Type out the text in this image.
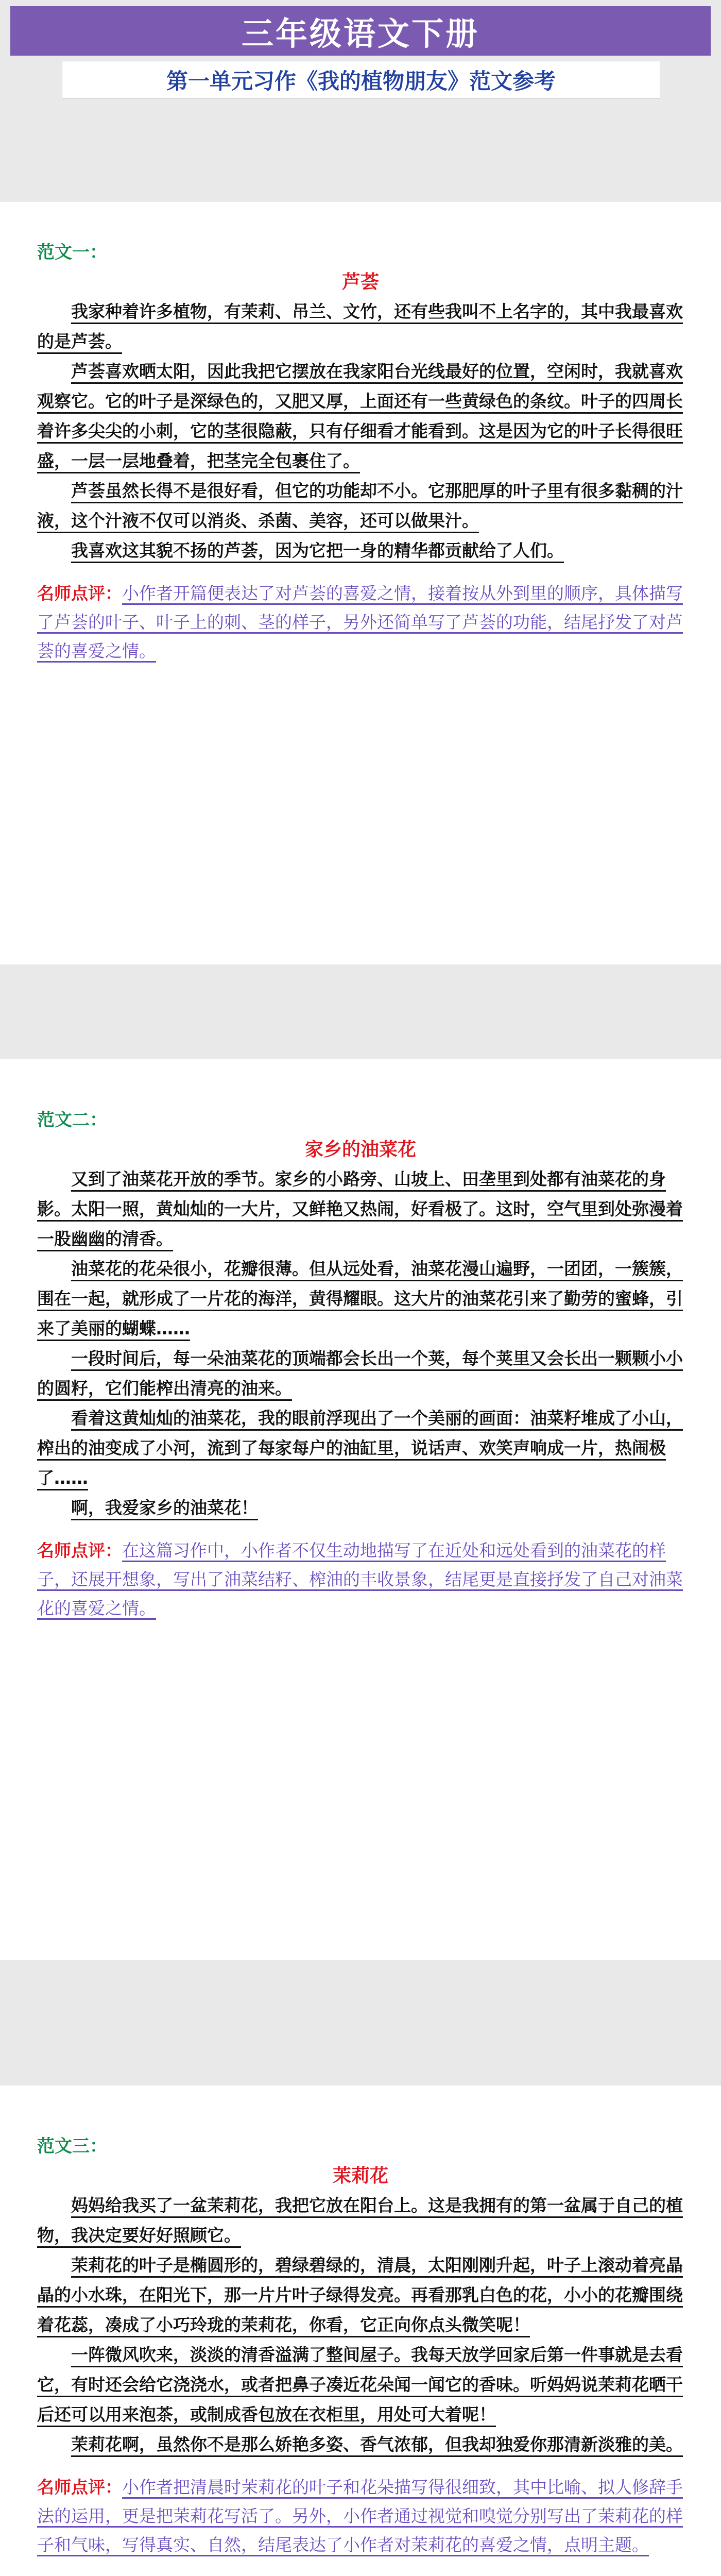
三年级语文下册
第一单元习作《我的植物朋友》范文参考
范文一：
芦荟

我家种着许多植物，有茉莉、吊兰、文竹，还有些我叫不上名字的，其中我最喜欢的是芦荟。

芦荟喜欢晒太阳，因此我把它摆放在我家阳台光线最好的位置，空闲时，我就喜欢观察它。它的叶子是深绿色的，又肥又厚，上面还有一些黄绿色的条纹。叶子的四周长着许多尖尖的小刺，它的茎很隐蔽，只有仔细看才能看到。这是因为它的叶子长得很旺盛，一层一层地叠着，把茎完全包裹住了。

芦荟虽然长得不是很好看，但它的功能却不小。它那肥厚的叶子里有很多黏稠的汁液，这个汁液不仅可以消炎、杀菌、美容，还可以做果汁。

我喜欢这其貌不扬的芦荟，因为它把一身的精华都贡献给了人们。

名师点评：小作者开篇便表达了对芦荟的喜爱之情，接着按从外到里的顺序，具体描写了芦荟的叶子、叶子上的刺、茎的样子，另外还简单写了芦荟的功能，结尾抒发了对芦荟的喜爱之情。
范文二：
家乡的油菜花

又到了油菜花开放的季节。家乡的小路旁、山坡上、田垄里到处都有油菜花的身影。太阳一照，黄灿灿的一大片，又鲜艳又热闹，好看极了。这时，空气里到处弥漫着一股幽幽的清香。

油菜花的花朵很小，花瓣很薄。但从远处看，油菜花漫山遍野，一团团，一簇簇，围在一起，就形成了一片花的海洋，黄得耀眼。这大片的油菜花引来了勤劳的蜜蜂，引来了美丽的蝴蝶……

一段时间后，每一朵油菜花的顶端都会长出一个荚，每个荚里又会长出一颗颗小小的圆籽，它们能榨出清亮的油来。

看着这黄灿灿的油菜花，我的眼前浮现出了一个美丽的画面：油菜籽堆成了小山，榨出的油变成了小河，流到了每家每户的油缸里，说话声、欢笑声响成一片，热闹极了……

啊，我爱家乡的油菜花！

名师点评：在这篇习作中，小作者不仅生动地描写了在近处和远处看到的油菜花的样子，还展开想象，写出了油菜结籽、榨油的丰收景象，结尾更是直接抒发了自己对油菜花的喜爱之情。
范文三：
茉莉花

妈妈给我买了一盆茉莉花，我把它放在阳台上。这是我拥有的第一盆属于自己的植物，我决定要好好照顾它。

茉莉花的叶子是椭圆形的，碧绿碧绿的，清晨，太阳刚刚升起，叶子上滚动着亮晶晶的小水珠，在阳光下，那一片片叶子绿得发亮。再看那乳白色的花，小小的花瓣围绕着花蕊，凑成了小巧玲珑的茉莉花，你看，它正向你点头微笑呢！

一阵微风吹来，淡淡的清香溢满了整间屋子。我每天放学回家后第一件事就是去看它，有时还会给它浇浇水，或者把鼻子凑近花朵闻一闻它的香味。听妈妈说茉莉花晒干后还可以用来泡茶，或制成香包放在衣柜里，用处可大着呢！

茉莉花啊，虽然你不是那么娇艳多姿、香气浓郁，但我却独爱你那清新淡雅的美。

名师点评：小作者把清晨时茉莉花的叶子和花朵描写得很细致，其中比喻、拟人修辞手法的运用，更是把茉莉花写活了。另外，小作者通过视觉和嗅觉分别写出了茉莉花的样子和气味，写得真实、自然，结尾表达了小作者对茉莉花的喜爱之情，点明主题。
